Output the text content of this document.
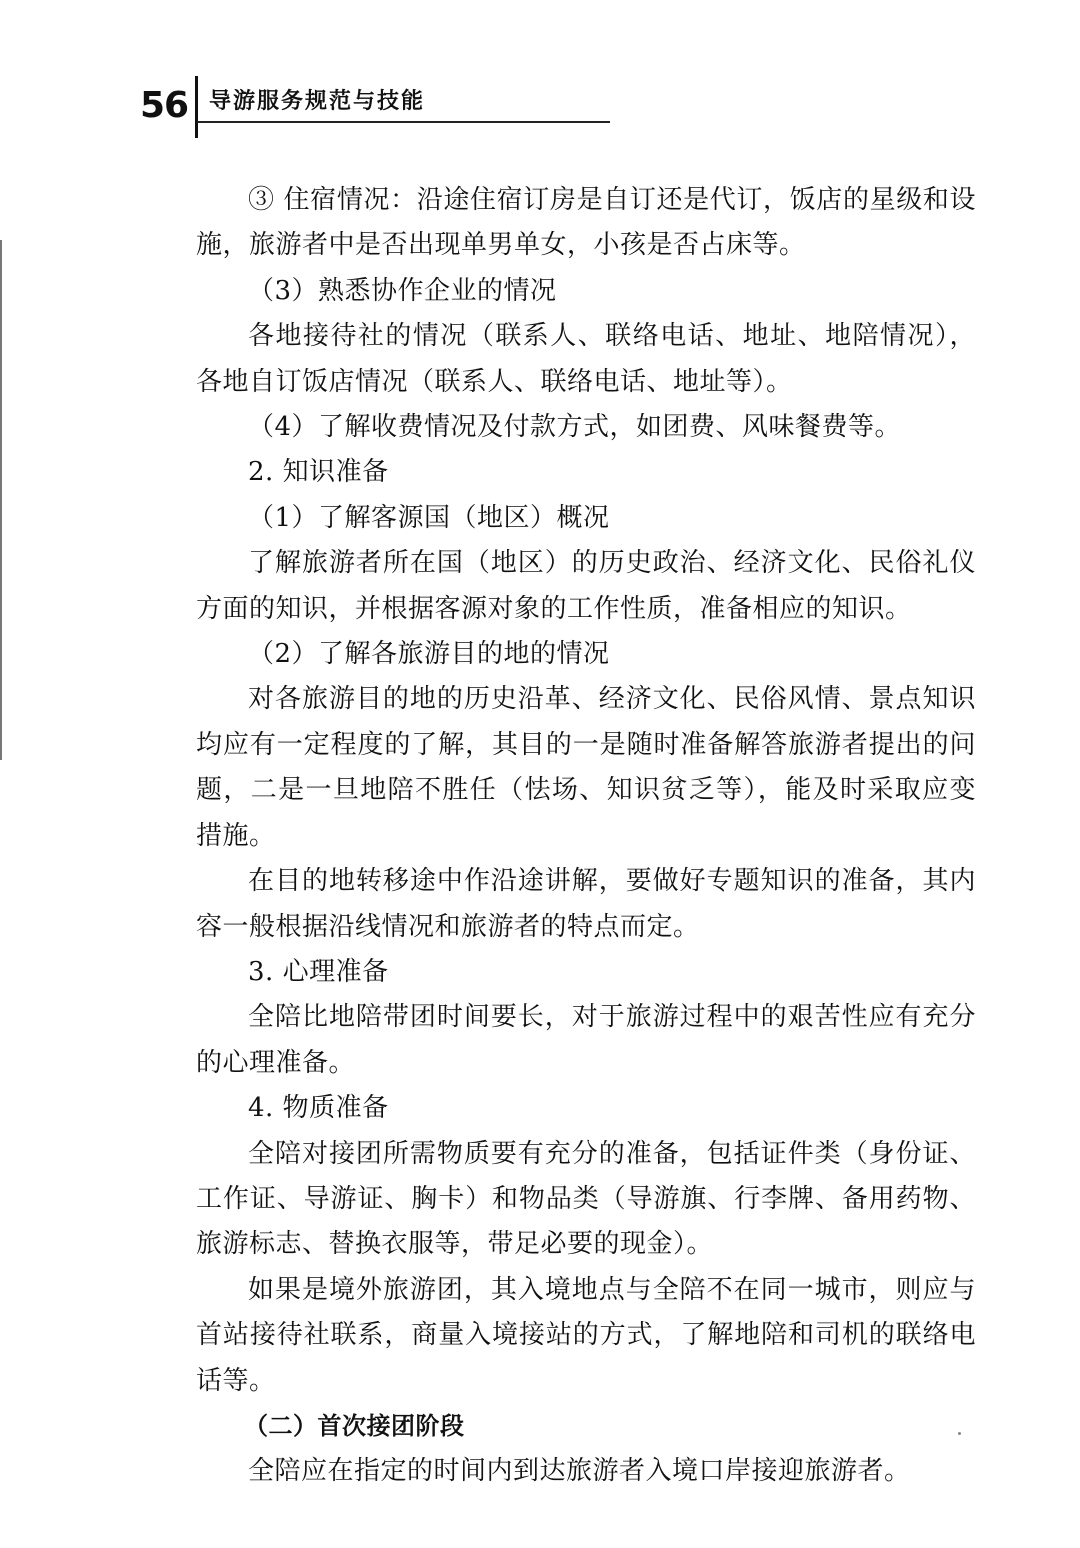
56 导游服务规范与技能

③ 住宿情况：沿途住宿订房是自订还是代订，饭店的星级和设施，旅游者中是否出现单男单女，小孩是否占床等。

（3）熟悉协作企业的情况

各地接待社的情况（联系人、联络电话、地址、地陪情况），各地自订饭店情况（联系人、联络电话、地址等）。

（4）了解收费情况及付款方式，如团费、风味餐费等。

2. 知识准备

（1）了解客源国（地区）概况

了解旅游者所在国（地区）的历史政治、经济文化、民俗礼仪方面的知识，并根据客源对象的工作性质，准备相应的知识。

（2）了解各旅游目的地的情况

对各旅游目的地的历史沿革、经济文化、民俗风情、景点知识均应有一定程度的了解，其目的一是随时准备解答旅游者提出的问题，二是一旦地陪不胜任（怯场、知识贫乏等），能及时采取应变措施。

在目的地转移途中作沿途讲解，要做好专题知识的准备，其内容一般根据沿线情况和旅游者的特点而定。

3. 心理准备

全陪比地陪带团时间要长，对于旅游过程中的艰苦性应有充分的心理准备。

4. 物质准备

全陪对接团所需物质要有充分的准备，包括证件类（身份证、工作证、导游证、胸卡）和物品类（导游旗、行李牌、备用药物、旅游标志、替换衣服等，带足必要的现金）。

如果是境外旅游团，其入境地点与全陪不在同一城市，则应与首站接待社联系，商量入境接站的方式，了解地陪和司机的联络电话等。

（二）首次接团阶段

全陪应在指定的时间内到达旅游者入境口岸接迎旅游者。
